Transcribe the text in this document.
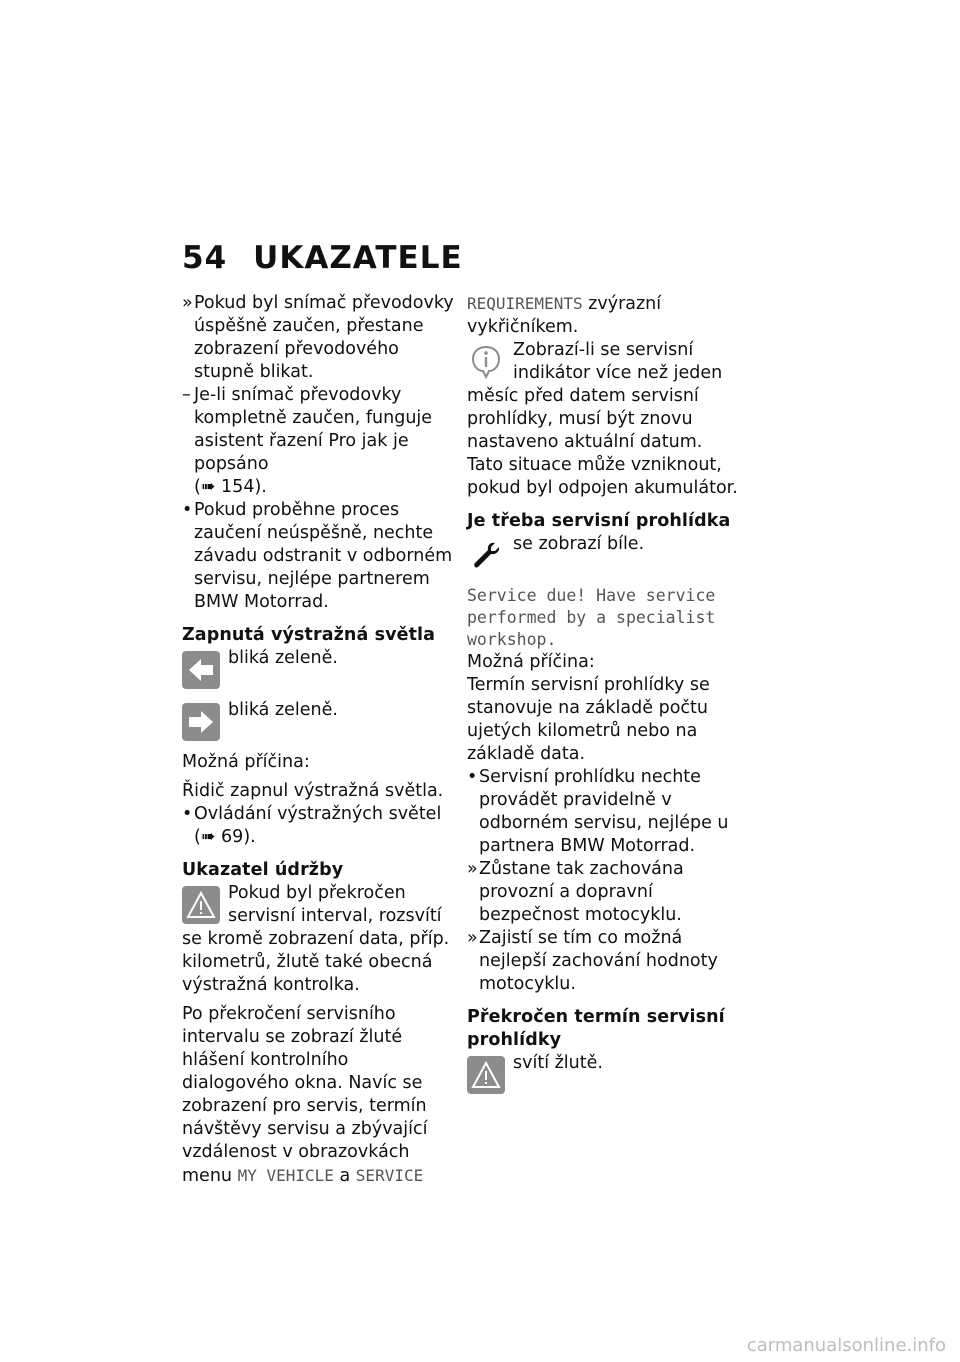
54 UKAZATELE
» Pokud byl snímač převodovky úspěšně zaučen, přestane zobrazení převodového stupně blikat.
– Je-li snímač převodovky kompletně zaučen, funguje asistent řazení Pro jak je popsáno
(➠ 154).
• Pokud proběhne proces zaučení neúspěšně, nechte závadu odstranit v odborném servisu, nejlépe partnerem BMW Motorrad.

Zapnutá výstražná světla

bliká zeleně.

bliká zeleně.

Možná příčina:

Řidič zapnul výstražná světla.

• Ovládání výstražných světel
(➠ 69).

Ukazatel údržby

Pokud byl překročen servisní interval, rozsvítí se kromě zobrazení data, příp. kilometrů, žlutě také obecná výstražná kontrolka.

Po překročení servisního intervalu se zobrazí žluté hlášení kontrolního dialogového okna. Navíc se zobrazení pro servis, termín návštěvy servisu a zbývající vzdálenost v obrazovkách menu MY VEHICLE a SERVICE

REQUIREMENTS zvýrazní vykřičníkem.

Zobrazí-li se servisní indikátor více než jeden měsíc před datem servisní prohlídky, musí být znovu nastaveno aktuální datum. Tato situace může vzniknout, pokud byl odpojen akumulátor.

Je třeba servisní prohlídka

se zobrazí bíle.

Service due! Have service performed by a specialist workshop.

Možná příčina:

Termín servisní prohlídky se stanovuje na základě počtu ujetých kilometrů nebo na základě data.

• Servisní prohlídku nechte provádět pravidelně v odborném servisu, nejlépe u partnera BMW Motorrad.
» Zůstane tak zachována provozní a dopravní bezpečnost motocyklu.
» Zajistí se tím co možná nejlepší zachování hodnoty motocyklu.

Překročen termín servisní prohlídky

svítí žlutě.

carmanualsonline.info
